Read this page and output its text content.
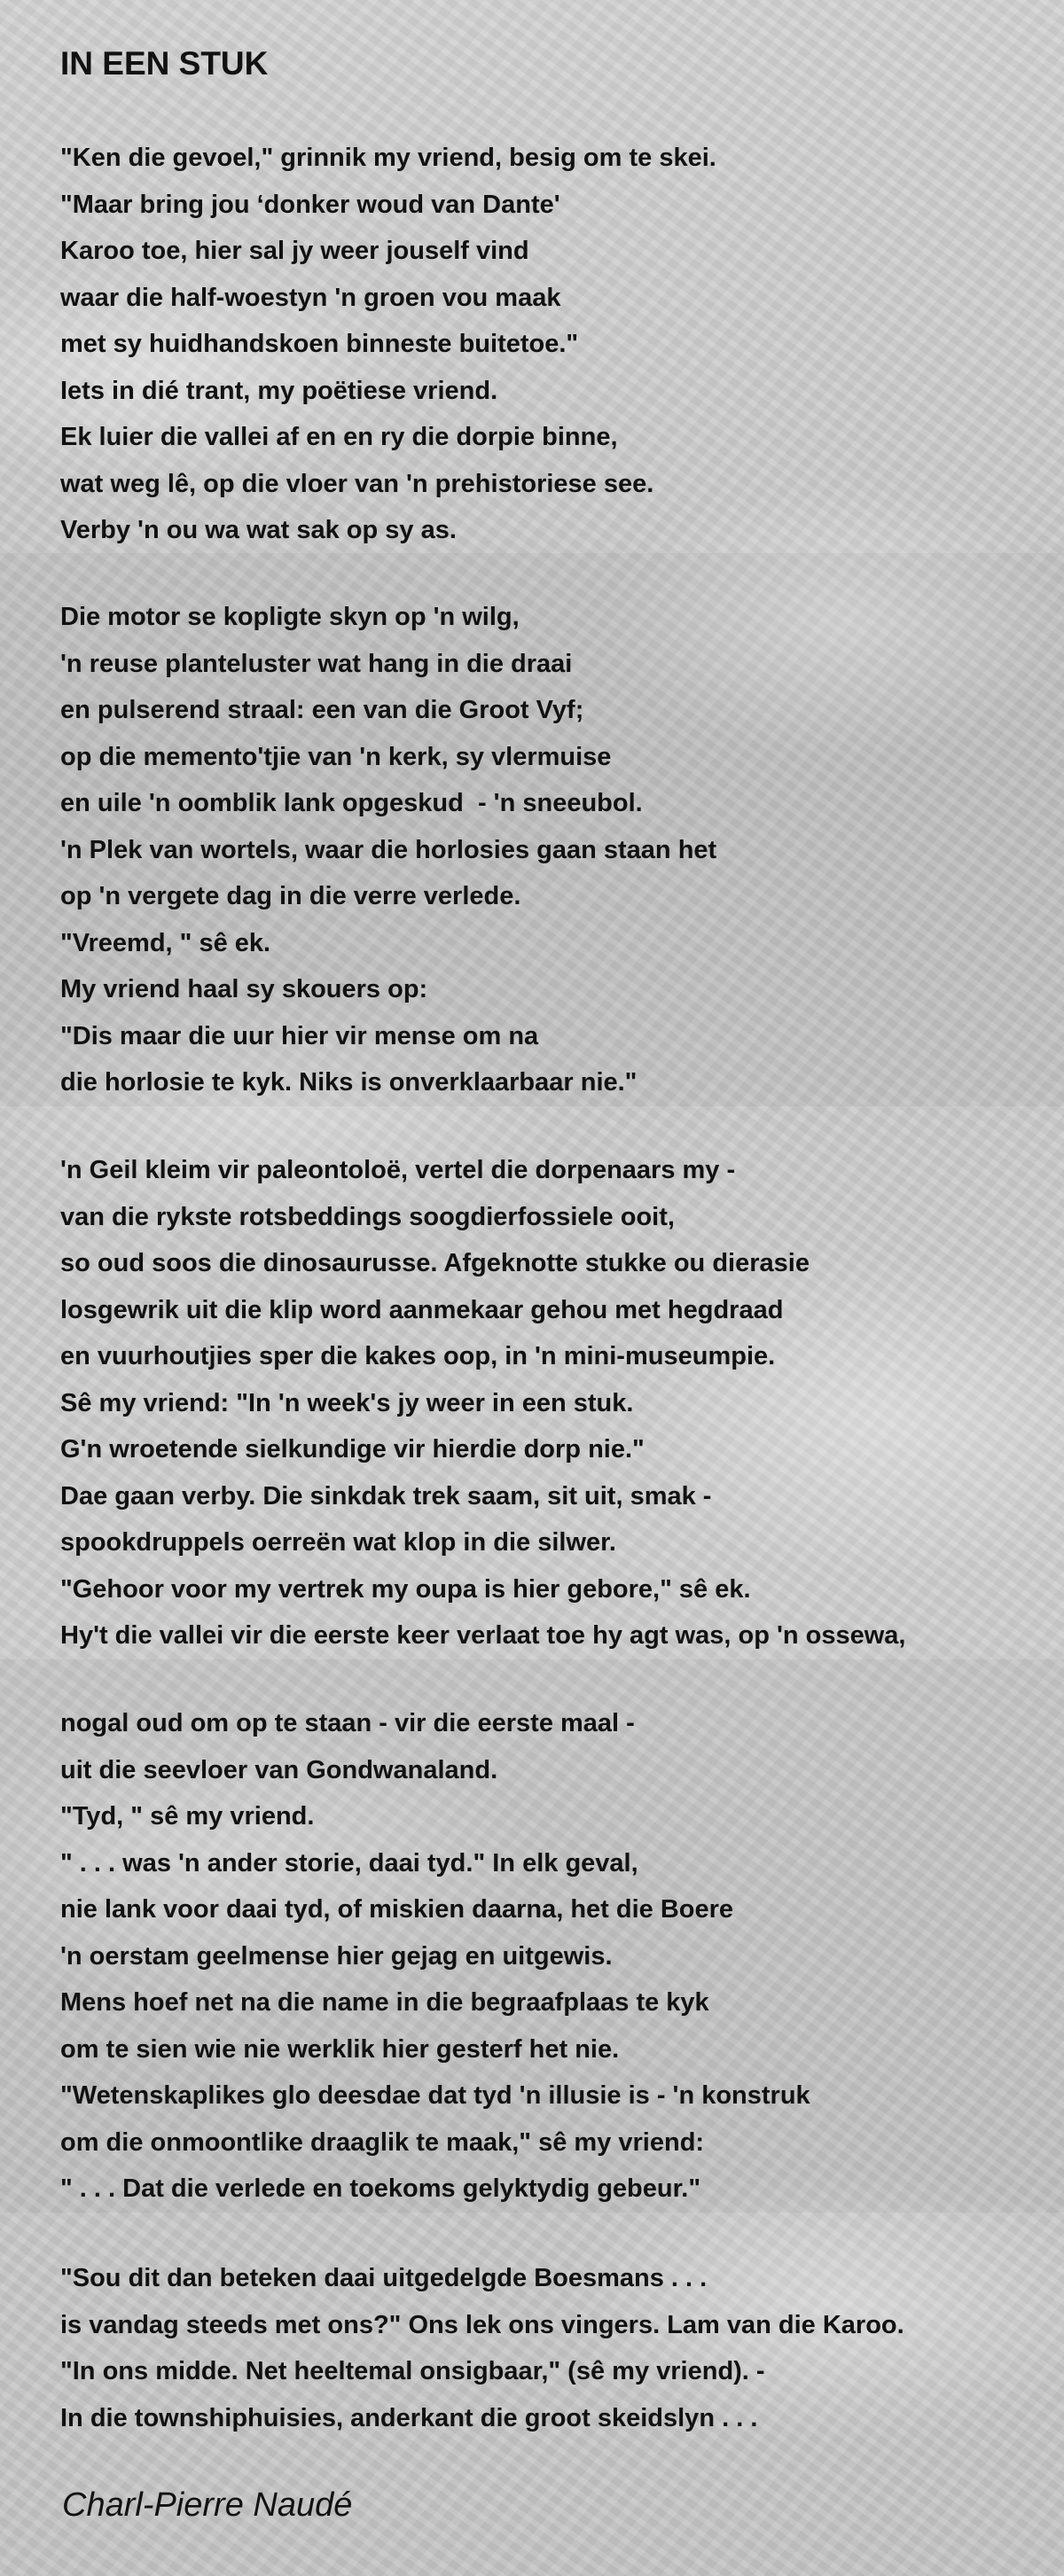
IN EEN STUK
"Ken die gevoel," grinnik my vriend, besig om te skei.
"Maar bring jou ‘donker woud van Dante'
Karoo toe, hier sal jy weer jouself vind
waar die half-woestyn 'n groen vou maak
met sy huidhandskoen binneste buitetoe."
Iets in dié trant, my poëtiese vriend.
Ek luier die vallei af en en ry die dorpie binne,
wat weg lê, op die vloer van 'n prehistoriese see.
Verby 'n ou wa wat sak op sy as.
Die motor se kopligte skyn op 'n wilg,
'n reuse planteluster wat hang in die draai
en pulserend straal: een van die Groot Vyf;
op die memento'tjie van 'n kerk, sy vlermuise
en uile 'n oomblik lank opgeskud  - 'n sneeubol.
'n Plek van wortels, waar die horlosies gaan staan het
op 'n vergete dag in die verre verlede.
"Vreemd, " sê ek.
My vriend haal sy skouers op:
"Dis maar die uur hier vir mense om na
die horlosie te kyk. Niks is onverklaarbaar nie."
'n Geil kleim vir paleontoloë, vertel die dorpenaars my -
van die rykste rotsbeddings soogdierfossiele ooit,
so oud soos die dinosaurusse. Afgeknotte stukke ou dierasie
losgewrik uit die klip word aanmekaar gehou met hegdraad
en vuurhoutjies sper die kakes oop, in 'n mini-museumpie.
Sê my vriend: "In 'n week's jy weer in een stuk.
G'n wroetende sielkundige vir hierdie dorp nie."
Dae gaan verby. Die sinkdak trek saam, sit uit, smak -
spookdruppels oerreën wat klop in die silwer.
"Gehoor voor my vertrek my oupa is hier gebore," sê ek.
Hy't die vallei vir die eerste keer verlaat toe hy agt was, op 'n ossewa,
nogal oud om op te staan - vir die eerste maal -
uit die seevloer van Gondwanaland.
"Tyd, " sê my vriend.
" . . . was 'n ander storie, daai tyd." In elk geval,
nie lank voor daai tyd, of miskien daarna, het die Boere
'n oerstam geelmense hier gejag en uitgewis.
Mens hoef net na die name in die begraafplaas te kyk
om te sien wie nie werklik hier gesterf het nie.
"Wetenskaplikes glo deesdae dat tyd 'n illusie is - 'n konstruk
om die onmoontlike draaglik te maak," sê my vriend:
" . . . Dat die verlede en toekoms gelyktydig gebeur."
"Sou dit dan beteken daai uitgedelgde Boesmans . . .
is vandag steeds met ons?" Ons lek ons vingers. Lam van die Karoo.
"In ons midde. Net heeltemal onsigbaar," (sê my vriend). -
In die townshiphuisies, anderkant die groot skeidslyn . . .
Charl-Pierre Naudé
